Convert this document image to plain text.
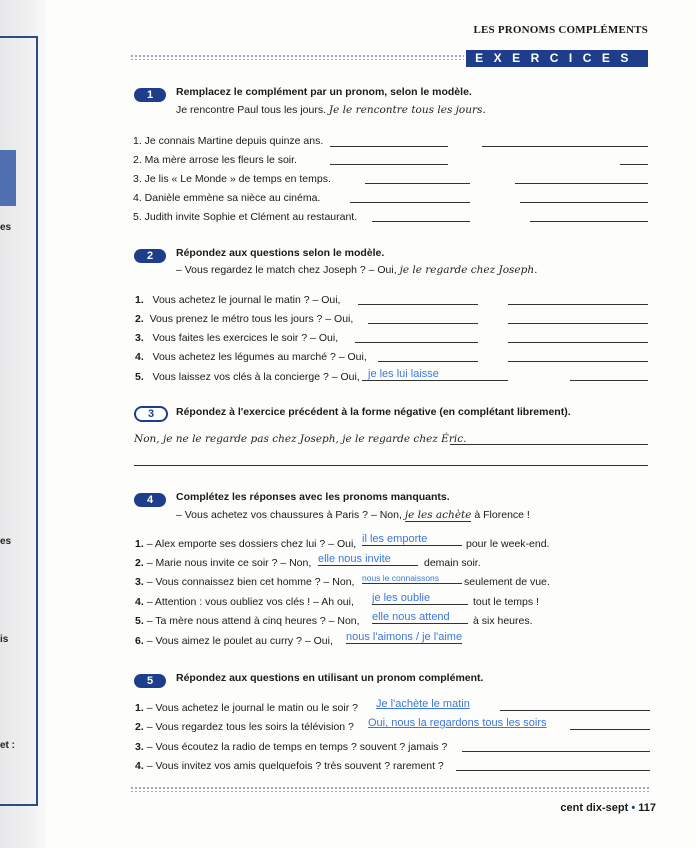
es
es
is
et :
LES PRONOMS COMPLÉMENTS
EXERCICES
1	Remplacez le complément par un pronom, selon le modèle.
Je rencontre Paul tous les jours. Je le rencontre tous les jours.
1. Je connais Martine depuis quinze ans.
2. Ma mère arrose les fleurs le soir.
3. Je lis « Le Monde » de temps en temps.
4. Danièle emmène sa nièce au cinéma.
5. Judith invite Sophie et Clément au restaurant.
2	Répondez aux questions selon le modèle.
– Vous regardez le match chez Joseph ? – Oui, je le regarde chez Joseph.
1. Vous achetez le journal le matin ? – Oui,
2. Vous prenez le métro tous les jours ? – Oui,
3. Vous faites les exercices le soir ? – Oui,
4. Vous achetez les légumes au marché ? – Oui,
5. Vous laissez vos clés à la concierge ? – Oui, je les lui laisse
3	Répondez à l'exercice précédent à la forme négative (en complétant librement).
Non, je ne le regarde pas chez Joseph, je le regarde chez Éric.
4	Complétez les réponses avec les pronoms manquants.
– Vous achetez vos chaussures à Paris ? – Non, je les achète à Florence !
1. – Alex emporte ses dossiers chez lui ? – Oui, il les emporte	pour le week-end.
2. – Marie nous invite ce soir ? – Non, elle nous invite	demain soir.
3. – Vous connaissez bien cet homme ? – Non, nous le connaissons	seulement de vue.
4. – Attention : vous oubliez vos clés ! – Ah oui, je les oublie	tout le temps !
5. – Ta mère nous attend à cinq heures ? – Non, elle nous attend	à six heures.
6. – Vous aimez le poulet au curry ? – Oui, nous l'aimons / je l'aime
5	Répondez aux questions en utilisant un pronom complément.
1. – Vous achetez le journal le matin ou le soir ? Je l'achète le matin
2. – Vous regardez tous les soirs la télévision ? Oui, nous la regardons tous les soirs
3. – Vous écoutez la radio de temps en temps ? souvent ? jamais ?
4. – Vous invitez vos amis quelquefois ? très souvent ? rarement ?
cent dix-sept • 117
